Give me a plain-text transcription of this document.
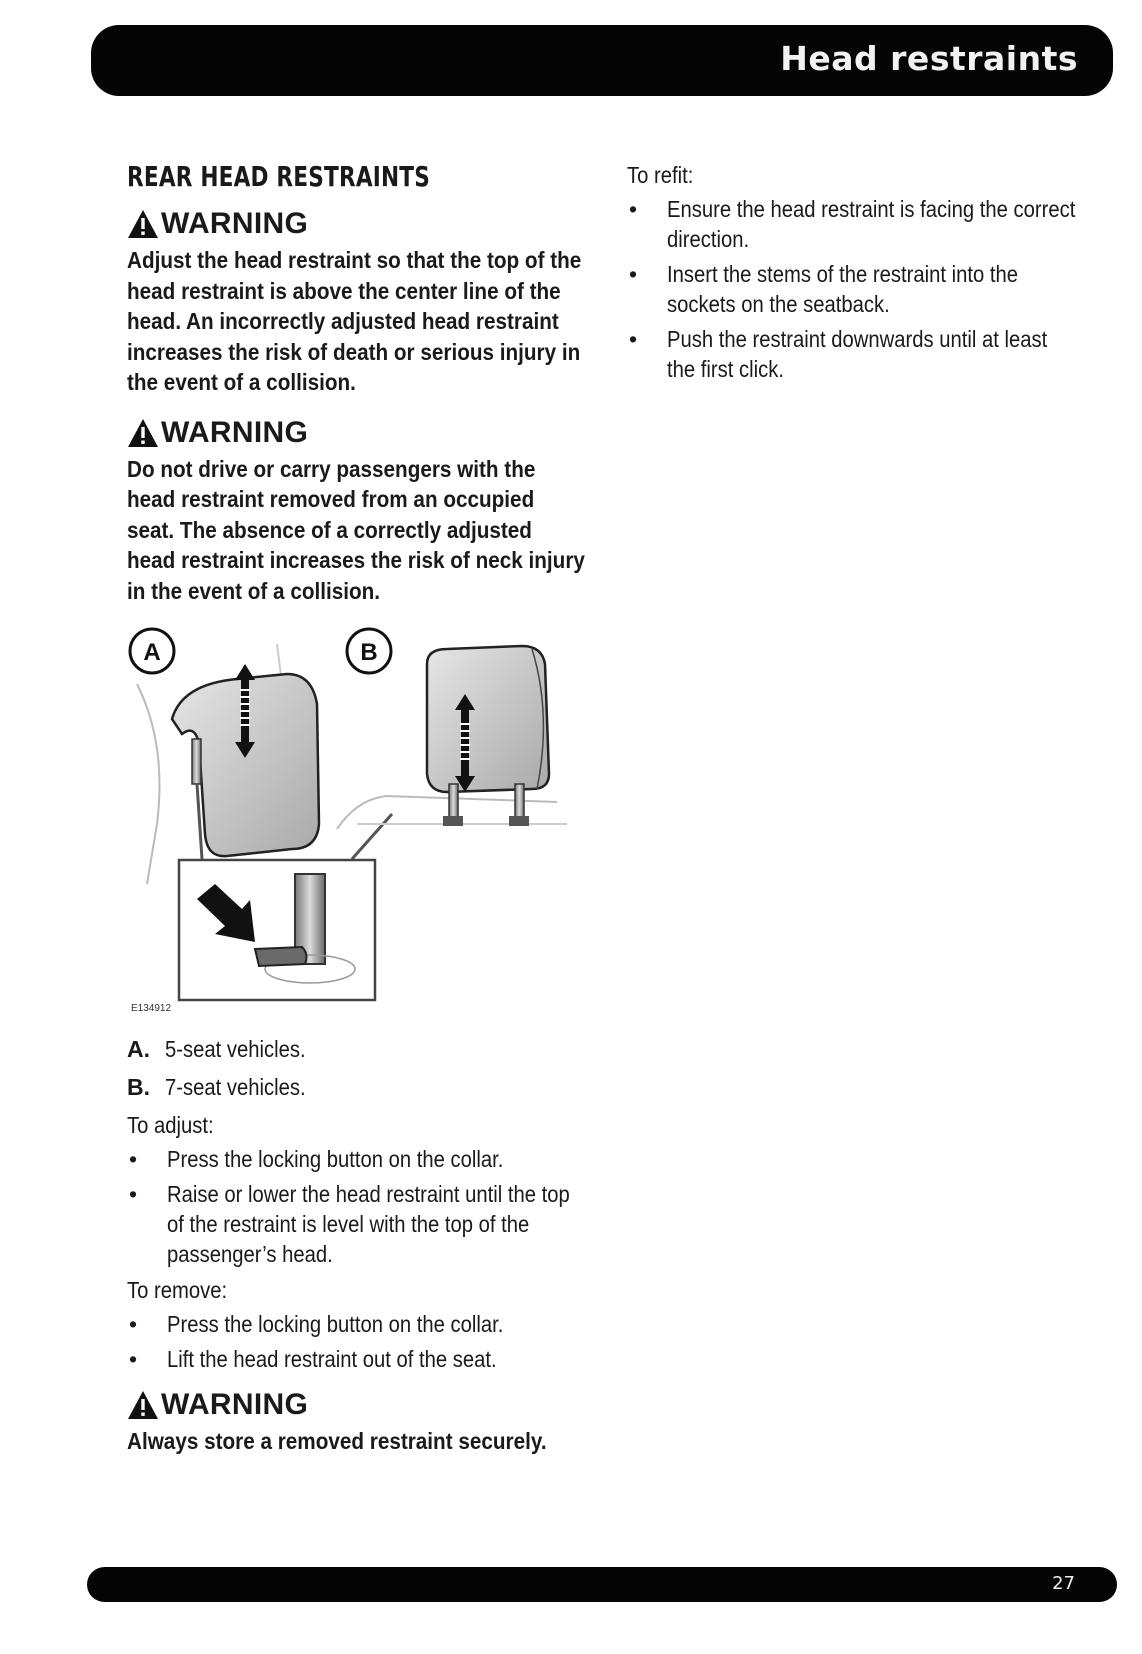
Head restraints
REAR HEAD RESTRAINTS
WARNING
Adjust the head restraint so that the top of the head restraint is above the center line of the head. An incorrectly adjusted head restraint increases the risk of death or serious injury in the event of a collision.
WARNING
Do not drive or carry passengers with the head restraint removed from an occupied seat. The absence of a correctly adjusted head restraint increases the risk of neck injury in the event of a collision.
A	B
E134912
A. 5-seat vehicles.
B. 7-seat vehicles.

To adjust:

• Press the locking button on the collar.
• Raise or lower the head restraint until the top of the restraint is level with the top of the passenger’s head.

To remove:

• Press the locking button on the collar.
• Lift the head restraint out of the seat.
WARNING
Always store a removed restraint securely.

To refit:

• Ensure the head restraint is facing the correct direction.
• Insert the stems of the restraint into the sockets on the seatback.
• Push the restraint downwards until at least the first click.
27
